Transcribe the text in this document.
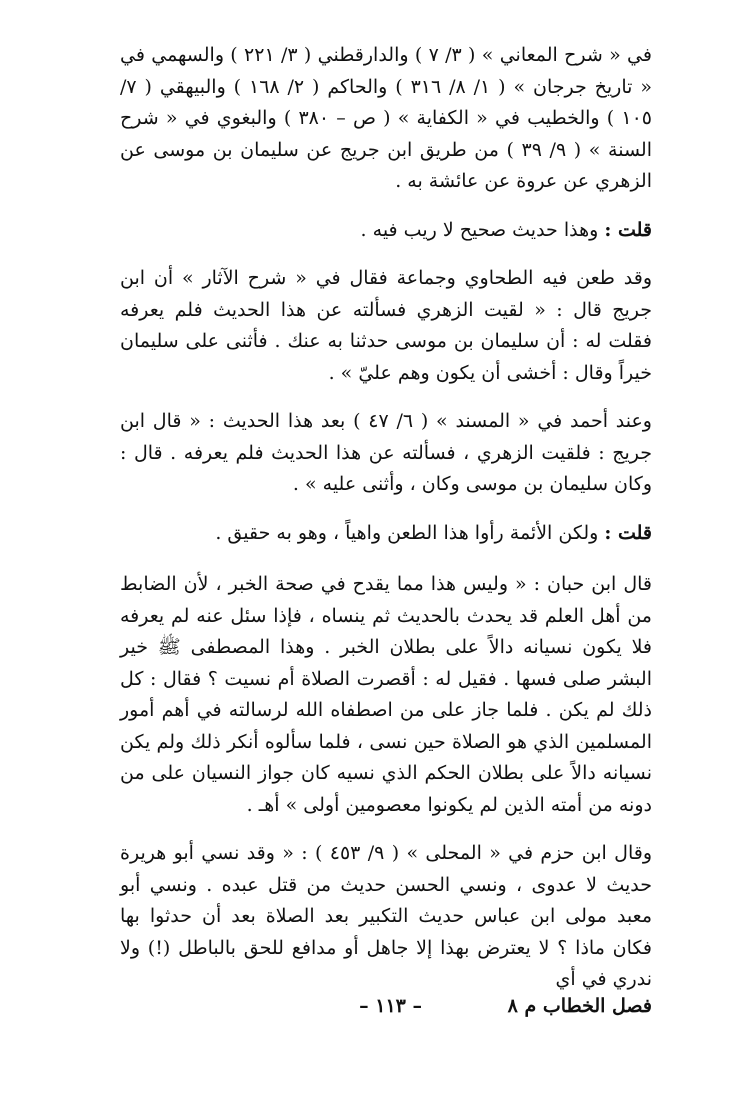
في « شرح المعاني » ( ٣/ ٧ ) والدارقطني ( ٣/ ٢٢١ ) والسهمي في « تاريخ جرجان » ( ١/ ٨/ ٣١٦ ) والحاكم ( ٢/ ١٦٨ ) والبيهقي ( ٧/ ١٠٥ ) والخطيب في « الكفاية » ( ص – ٣٨٠ ) والبغوي في « شرح السنة » ( ٩/ ٣٩ ) من طريق ابن جريج عن سليمان بن موسى عن الزهري عن عروة عن عائشة به .

قلت : وهذا حديث صحيح لا ريب فيه .

وقد طعن فيه الطحاوي وجماعة فقال في « شرح الآثار » أن ابن جريج قال : « لقيت الزهري فسألته عن هذا الحديث فلم يعرفه فقلت له : أن سليمان بن موسى حدثنا به عنك . فأثنى على سليمان خيراً وقال : أخشى أن يكون وهم عليّ » .

وعند أحمد في « المسند » ( ٦/ ٤٧ ) بعد هذا الحديث : « قال ابن جريج : فلقيت الزهري ، فسألته عن هذا الحديث فلم يعرفه . قال : وكان سليمان بن موسى وكان ، وأثنى عليه » .

قلت : ولكن الأئمة رأوا هذا الطعن واهياً ، وهو به حقيق .

قال ابن حبان : « وليس هذا مما يقدح في صحة الخبر ، لأن الضابط من أهل العلم قد يحدث بالحديث ثم ينساه ، فإذا سئل عنه لم يعرفه فلا يكون نسيانه دالاً على بطلان الخبر . وهذا المصطفى ﷺ خير البشر صلى فسها . فقيل له : أقصرت الصلاة أم نسيت ؟ فقال : كل ذلك لم يكن . فلما جاز على من اصطفاه الله لرسالته في أهم أمور المسلمين الذي هو الصلاة حين نسى ، فلما سألوه أنكر ذلك ولم يكن نسيانه دالاً على بطلان الحكم الذي نسيه كان جواز النسيان على من دونه من أمته الذين لم يكونوا معصومين أولى » أهـ .

وقال ابن حزم في « المحلى » ( ٩/ ٤٥٣ ) : « وقد نسي أبو هريرة حديث لا عدوى ، ونسي الحسن حديث من قتل عبده . ونسي أبو معبد مولى ابن عباس حديث التكبير بعد الصلاة بعد أن حدثوا بها فكان ماذا ؟ لا يعترض بهذا إلا جاهل أو مدافع للحق بالباطل (!) ولا ندري في أي

فصل الخطاب م ٨
– ١١٣ –
